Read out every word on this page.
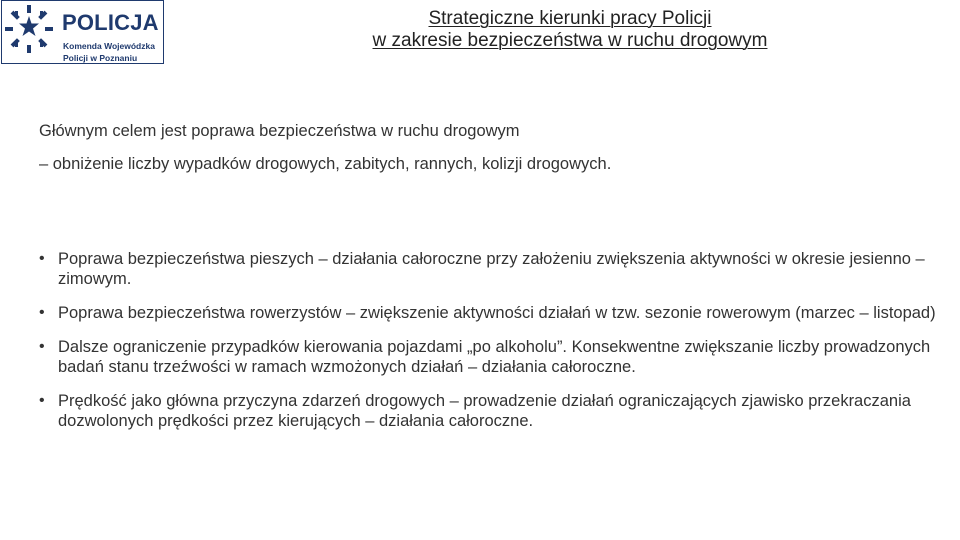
POLICJA
Komenda Wojewódzka
Policji w Poznaniu
Strategiczne kierunki pracy Policji
w zakresie bezpieczeństwa w ruchu drogowym
Głównym celem jest poprawa bezpieczeństwa w ruchu drogowym
– obniżenie liczby wypadków drogowych, zabitych, rannych, kolizji drogowych.
• Poprawa bezpieczeństwa pieszych – działania całoroczne przy założeniu zwiększenia aktywności w okresie jesienno – zimowym.
• Poprawa bezpieczeństwa rowerzystów – zwiększenie aktywności działań w tzw. sezonie rowerowym (marzec – listopad)
• Dalsze ograniczenie przypadków kierowania pojazdami „po alkoholu”. Konsekwentne zwiększanie liczby prowadzonych badań stanu trzeźwości w ramach wzmożonych działań – działania całoroczne.
• Prędkość jako główna przyczyna zdarzeń drogowych – prowadzenie działań ograniczających zjawisko przekraczania dozwolonych prędkości przez kierujących – działania całoroczne.
